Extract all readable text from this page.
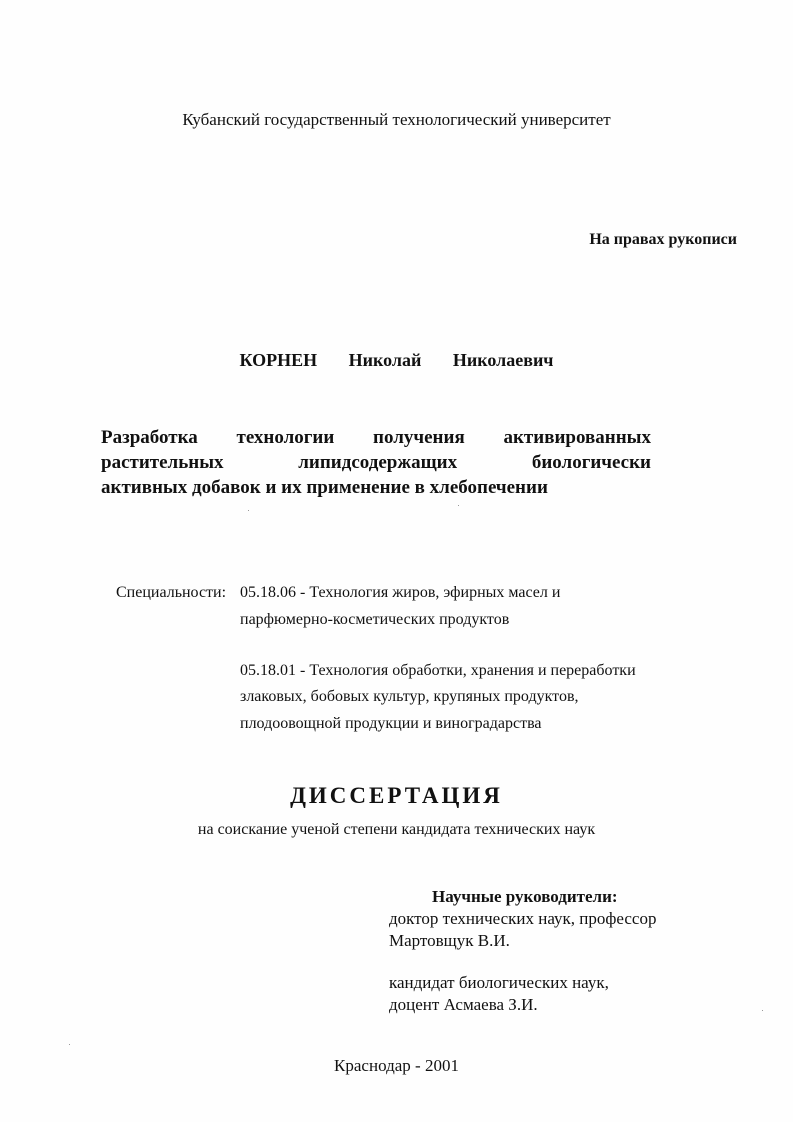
Кубанский государственный технологический университет

На правах рукописи

КОРНЕН   Николай   Николаевич

Разработка технологии получения активированных

растительных липидсодержащих биологически

активных добавок и их применение в хлебопечении

Специальности: 05.18.06 - Технология жиров, эфирных масел и

парфюмерно-косметических продуктов

05.18.01 - Технология обработки, хранения и переработки

злаковых, бобовых культур, крупяных продуктов,

плодоовощной продукции и виноградарства

ДИССЕРТАЦИЯ

на соискание ученой степени кандидата технических наук

Научные руководители:

доктор технических наук, профессор

Мартовщук В.И.

кандидат биологических наук,

доцент Асмаева З.И.

Краснодар - 2001
